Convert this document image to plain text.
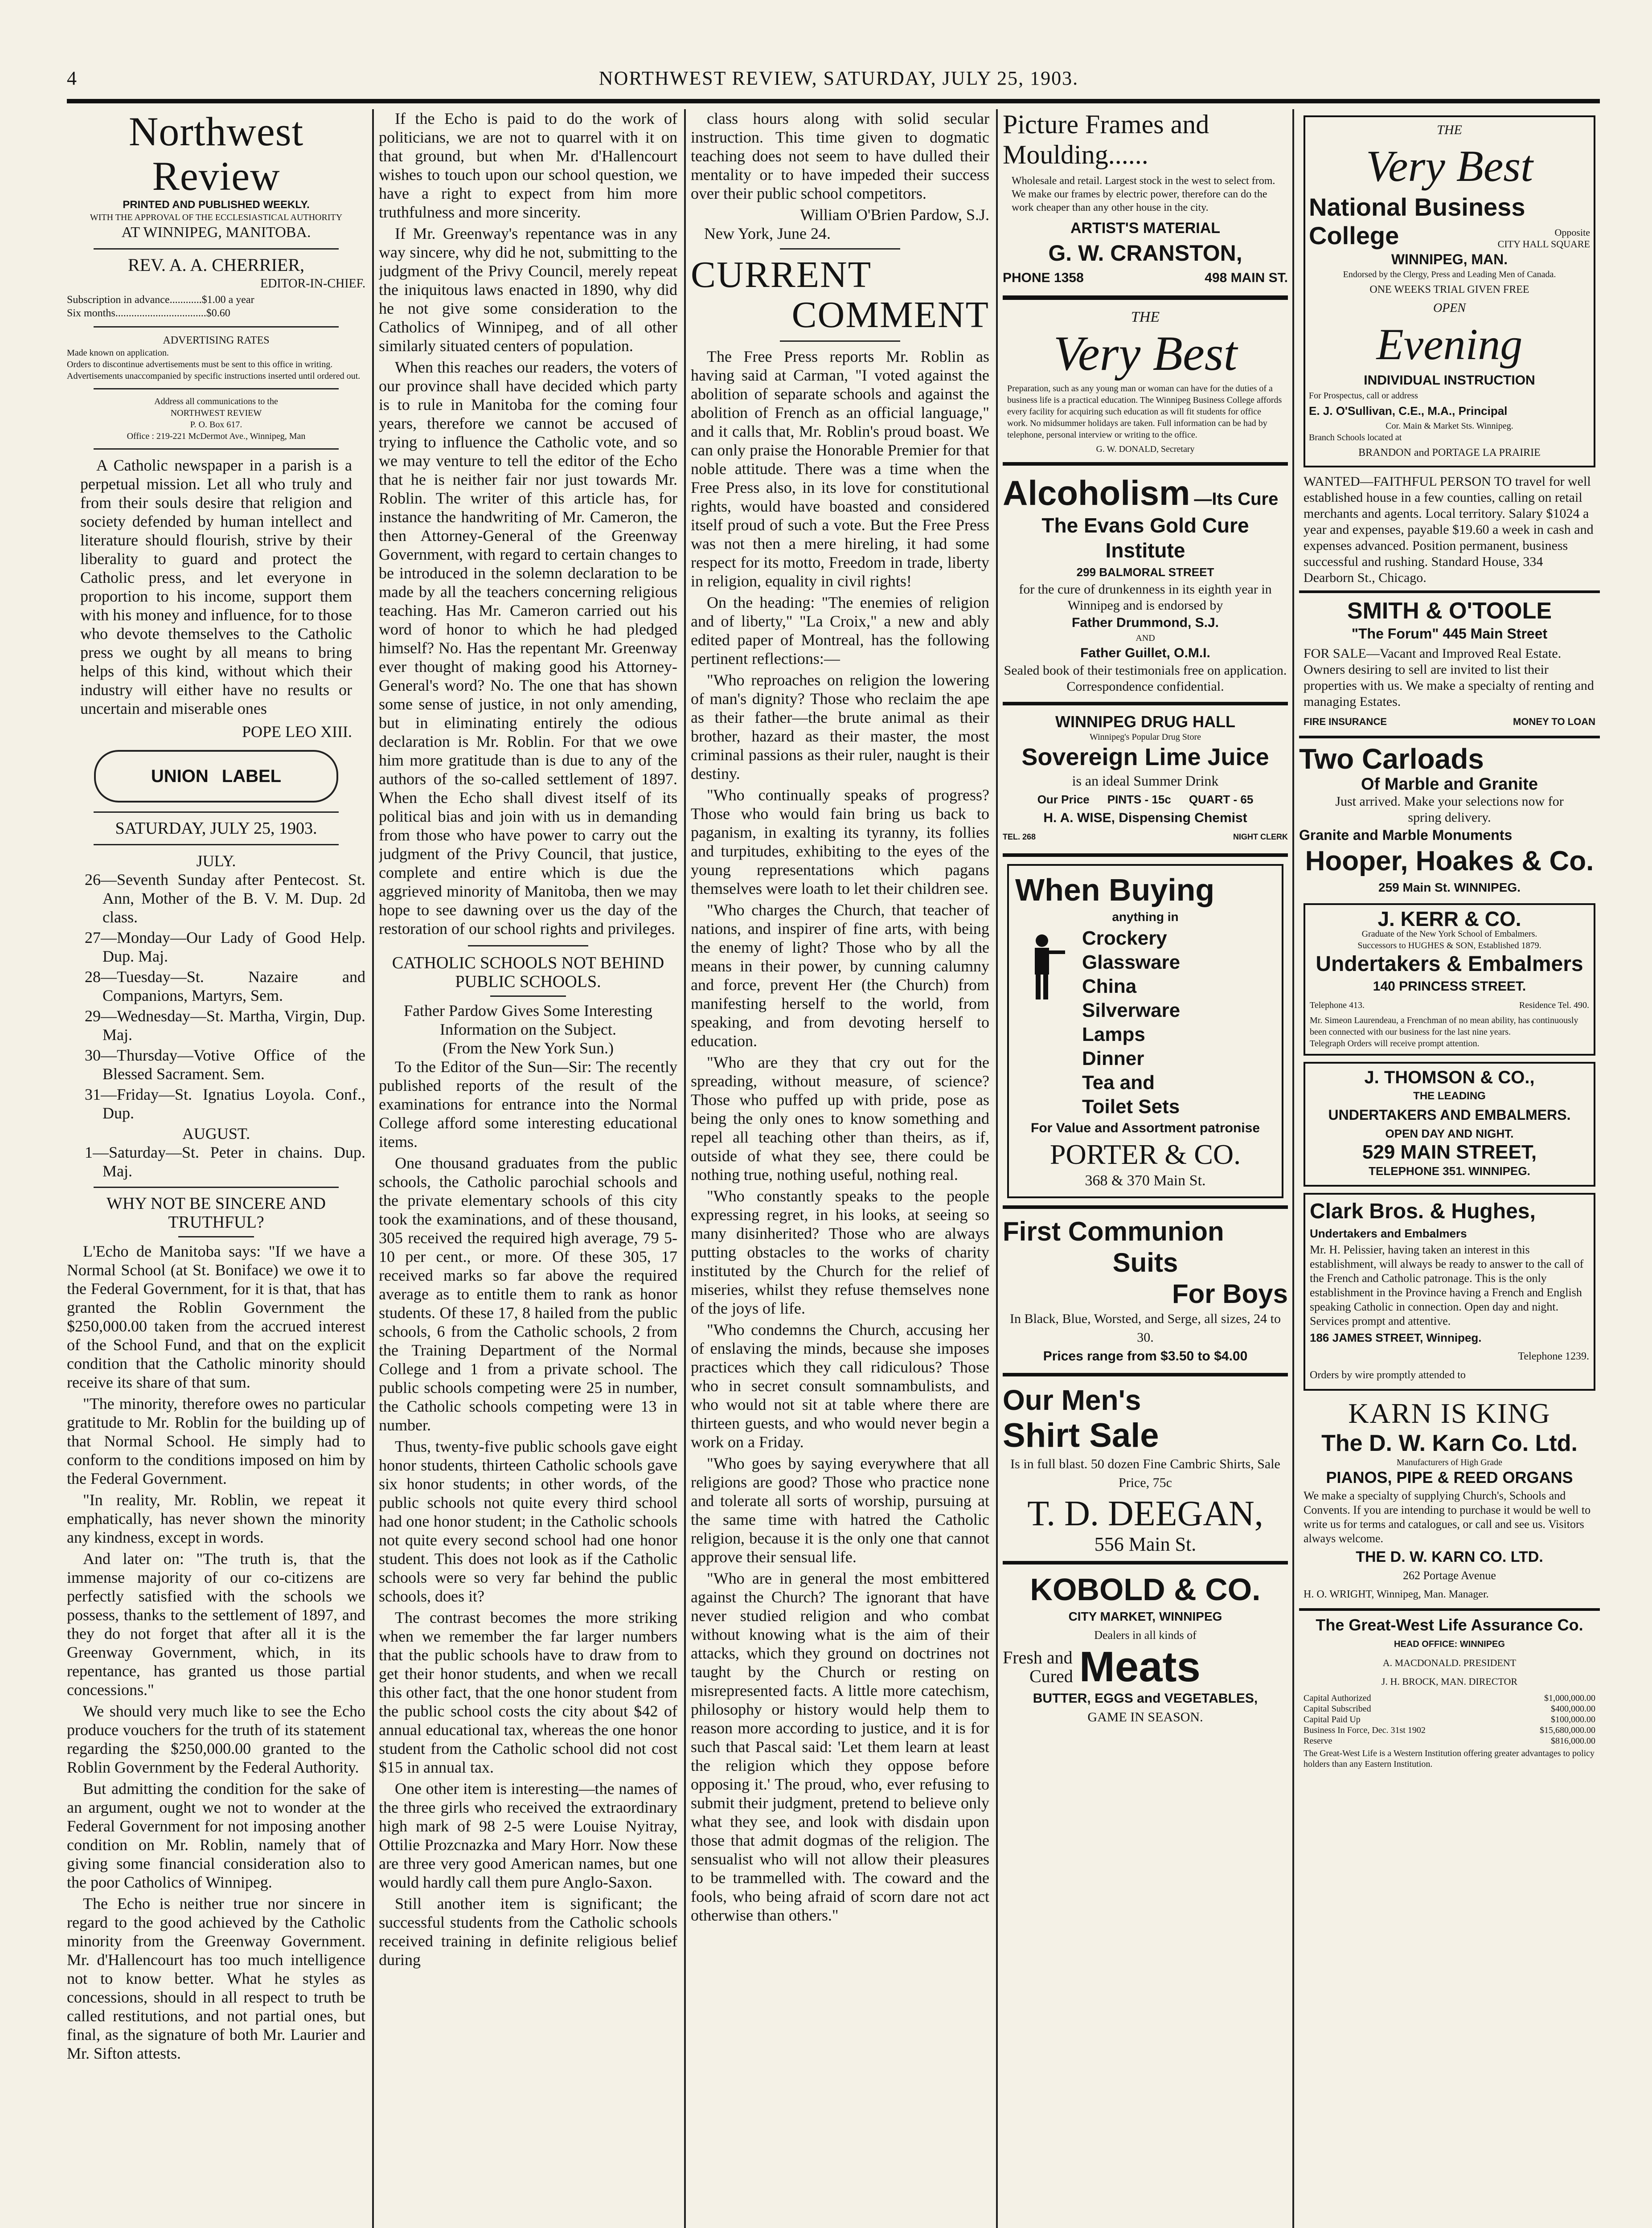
4	NORTHWEST REVIEW, SATURDAY, JULY 25, 1903.
Northwest Review
PRINTED AND PUBLISHED WEEKLY.
WITH THE APPROVAL OF THE ECCLESIASTICAL AUTHORITY
AT WINNIPEG, MANITOBA.
REV. A. A. CHERRIER,
EDITOR-IN-CHIEF.
Subscription in advance............$1.00 a year
Six months..................................$0.60
ADVERTISING RATES
Made known on application.
Orders to discontinue advertisements must be sent to this office in writing.
Advertisements unaccompanied by specific instructions inserted until ordered out.
Address all communications to the
NORTHWEST REVIEW
P. O. Box 617.
Office : 219-221 McDermot Ave., Winnipeg, Man

A Catholic newspaper in a parish is a perpetual mission. Let all who truly and from their souls desire that religion and society defended by human intellect and literature should flourish, strive by their liberality to guard and protect the Catholic press, and let everyone in proportion to his income, support them with his money and influence, for to those who devote themselves to the Catholic press we ought by all means to bring helps of this kind, without which their industry will either have no results or uncertain and miserable ones

POPE LEO XIII.
UNION LABEL
SATURDAY, JULY 25, 1903.
JULY.
26—Seventh Sunday after Pentecost. St. Ann, Mother of the B. V. M. Dup. 2d class.
27—Monday—Our Lady of Good Help. Dup. Maj.
28—Tuesday—St. Nazaire and Companions, Martyrs, Sem.
29—Wednesday—St. Martha, Virgin, Dup. Maj.
30—Thursday—Votive Office of the Blessed Sacrament. Sem.
31—Friday—St. Ignatius Loyola. Conf., Dup.
AUGUST.
1—Saturday—St. Peter in chains. Dup. Maj.
WHY NOT BE SINCERE AND TRUTHFUL?

L'Echo de Manitoba says: "If we have a Normal School (at St. Boniface) we owe it to the Federal Government, for it is that, that has granted the Roblin Government the $250,000.00 taken from the accrued interest of the School Fund, and that on the explicit condition that the Catholic minority should receive its share of that sum.

"The minority, therefore owes no particular gratitude to Mr. Roblin for the building up of that Normal School. He simply had to conform to the conditions imposed on him by the Federal Government.

"In reality, Mr. Roblin, we repeat it emphatically, has never shown the minority any kindness, except in words.

And later on: "The truth is, that the immense majority of our co-citizens are perfectly satisfied with the schools we possess, thanks to the settlement of 1897, and they do not forget that after all it is the Greenway Government, which, in its repentance, has granted us those partial concessions."

We should very much like to see the Echo produce vouchers for the truth of its statement regarding the $250,000.00 granted to the Roblin Government by the Federal Authority.

But admitting the condition for the sake of an argument, ought we not to wonder at the Federal Government for not imposing another condition on Mr. Roblin, namely that of giving some financial consideration also to the poor Catholics of Winnipeg.

The Echo is neither true nor sincere in regard to the good achieved by the Catholic minority from the Greenway Government. Mr. d'Hallencourt has too much intelligence not to know better. What he styles as concessions, should in all respect to truth be called restitutions, and not partial ones, but final, as the signature of both Mr. Laurier and Mr. Sifton attests.

If the Echo is paid to do the work of politicians, we are not to quarrel with it on that ground, but when Mr. d'Hallencourt wishes to touch upon our school question, we have a right to expect from him more truthfulness and more sincerity.

If Mr. Greenway's repentance was in any way sincere, why did he not, submitting to the judgment of the Privy Council, merely repeat the iniquitous laws enacted in 1890, why did he not give some consideration to the Catholics of Winnipeg, and of all other similarly situated centers of population.

When this reaches our readers, the voters of our province shall have decided which party is to rule in Manitoba for the coming four years, therefore we cannot be accused of trying to influence the Catholic vote, and so we may venture to tell the editor of the Echo that he is neither fair nor just towards Mr. Roblin. The writer of this article has, for instance the handwriting of Mr. Cameron, the then Attorney-General of the Greenway Government, with regard to certain changes to be introduced in the solemn declaration to be made by all the teachers concerning religious teaching. Has Mr. Cameron carried out his word of honor to which he had pledged himself? No. Has the repentant Mr. Greenway ever thought of making good his Attorney-General's word? No. The one that has shown some sense of justice, in not only amending, but in eliminating entirely the odious declaration is Mr. Roblin. For that we owe him more gratitude than is due to any of the authors of the so-called settlement of 1897. When the Echo shall divest itself of its political bias and join with us in demanding from those who have power to carry out the judgment of the Privy Council, that justice, complete and entire which is due the aggrieved minority of Manitoba, then we may hope to see dawning over us the day of the restoration of our school rights and privileges.

CATHOLIC SCHOOLS NOT BEHIND PUBLIC SCHOOLS.
Father Pardow Gives Some Interesting Information on the Subject.
(From the New York Sun.)

To the Editor of the Sun—Sir: The recently published reports of the result of the examinations for entrance into the Normal College afford some interesting educational items.

One thousand graduates from the public schools, the Catholic parochial schools and the private elementary schools of this city took the examinations, and of these thousand, 305 received the required high average, 79 5-10 per cent., or more. Of these 305, 17 received marks so far above the required average as to entitle them to rank as honor students. Of these 17, 8 hailed from the public schools, 6 from the Catholic schools, 2 from the Training Department of the Normal College and 1 from a private school. The public schools competing were 25 in number, the Catholic schools competing were 13 in number.

Thus, twenty-five public schools gave eight honor students, thirteen Catholic schools gave six honor students; in other words, of the public schools not quite every third school had one honor student; in the Catholic schools not quite every second school had one honor student. This does not look as if the Catholic schools were so very far behind the public schools, does it?

The contrast becomes the more striking when we remember the far larger numbers that the public schools have to draw from to get their honor students, and when we recall this other fact, that the one honor student from the public school costs the city about $42 of annual educational tax, whereas the one honor student from the Catholic school did not cost $15 in annual tax.

One other item is interesting—the names of the three girls who received the extraordinary high mark of 98 2-5 were Louise Nyitray, Ottilie Prozcnazka and Mary Horr. Now these are three very good American names, but one would hardly call them pure Anglo-Saxon.

Still another item is significant; the successful students from the Catholic schools received training in definite religious belief during

class hours along with solid secular instruction. This time given to dogmatic teaching does not seem to have dulled their mentality or to have impeded their success over their public school competitors.

William O'Brien Pardow, S.J.
New York, June 24.
CURRENT
COMMENT

The Free Press reports Mr. Roblin as having said at Carman, "I voted against the abolition of separate schools and against the abolition of French as an official language," and it calls that, Mr. Roblin's proud boast. We can only praise the Honorable Premier for that noble attitude. There was a time when the Free Press also, in its love for constitutional rights, would have boasted and considered itself proud of such a vote. But the Free Press was not then a mere hireling, it had some respect for its motto, Freedom in trade, liberty in religion, equality in civil rights!

On the heading: "The enemies of religion and of liberty," "La Croix," a new and ably edited paper of Montreal, has the following pertinent reflections:—

"Who reproaches on religion the lowering of man's dignity? Those who reclaim the ape as their father—the brute animal as their brother, hazard as their master, the most criminal passions as their ruler, naught is their destiny.

"Who continually speaks of progress? Those who would fain bring us back to paganism, in exalting its tyranny, its follies and turpitudes, exhibiting to the eyes of the young representations which pagans themselves were loath to let their children see.

"Who charges the Church, that teacher of nations, and inspirer of fine arts, with being the enemy of light? Those who by all the means in their power, by cunning calumny and force, prevent Her (the Church) from manifesting herself to the world, from speaking, and from devoting herself to education.

"Who are they that cry out for the spreading, without measure, of science? Those who puffed up with pride, pose as being the only ones to know something and repel all teaching other than theirs, as if, outside of what they see, there could be nothing true, nothing useful, nothing real.

"Who constantly speaks to the people expressing regret, in his looks, at seeing so many disinherited? Those who are always putting obstacles to the works of charity instituted by the Church for the relief of miseries, whilst they refuse themselves none of the joys of life.

"Who condemns the Church, accusing her of enslaving the minds, because she imposes practices which they call ridiculous? Those who in secret consult somnambulists, and who would not sit at table where there are thirteen guests, and who would never begin a work on a Friday.

"Who goes by saying everywhere that all religions are good? Those who practice none and tolerate all sorts of worship, pursuing at the same time with hatred the Catholic religion, because it is the only one that cannot approve their sensual life.

"Who are in general the most embittered against the Church? The ignorant that have never studied religion and who combat without knowing what is the aim of their attacks, which they ground on doctrines not taught by the Church or resting on misrepresented facts. A little more catechism, philosophy or history would help them to reason more according to justice, and it is for such that Pascal said: 'Let them learn at least the religion which they oppose before opposing it.' The proud, who, ever refusing to submit their judgment, pretend to believe only what they see, and look with disdain upon those that admit dogmas of the religion. The sensualist who will not allow their pleasures to be trammelled with. The coward and the fools, who being afraid of scorn dare not act otherwise than others."

Picture Frames and Moulding......
Wholesale and retail. Largest stock in the west to select from. We make our frames by electric power, therefore can do the work cheaper than any other house in the city.
ARTIST'S MATERIAL
G. W. CRANSTON,
PHONE 1358	498 MAIN ST.
THE
Very Best
Preparation, such as any young man or woman can have for the duties of a business life is a practical education. The Winnipeg Business College affords every facility for acquiring such education as will fit students for office work. No midsummer holidays are taken. Full information can be had by telephone, personal interview or writing to the office.
G. W. DONALD, Secretary
Alcoholism —Its Cure
The Evans Gold Cure Institute
299 BALMORAL STREET
for the cure of drunkenness in its eighth year in Winnipeg and is endorsed by
Father Drummond, S.J.
AND
Father Guillet, O.M.I.
Sealed book of their testimonials free on application. Correspondence confidential.
WINNIPEG DRUG HALL
Winnipeg's Popular Drug Store
Sovereign Lime Juice
is an ideal Summer Drink
Our Price PINTS - 15c QUART - 65
H. A. WISE, Dispensing Chemist
TEL. 268	NIGHT CLERK
When Buying
anything in
Crockery
Glassware
China
Silverware
Lamps
Dinner
Tea and
Toilet Sets
For Value and Assortment patronise
PORTER & CO.
368 & 370 Main St.
First Communion
Suits
For Boys
In Black, Blue, Worsted, and Serge, all sizes, 24 to 30.
Prices range from $3.50 to $4.00
Our Men's
Shirt Sale
Is in full blast. 50 dozen Fine Cambric Shirts, Sale Price, 75c
T. D. DEEGAN,
556 Main St.
KOBOLD & CO.
CITY MARKET, WINNIPEG
Dealers in all kinds of
Fresh and
Cured Meats
BUTTER, EGGS and VEGETABLES,
GAME IN SEASON.
THE
Very Best
National Business
College	Opposite
CITY HALL SQUARE
WINNIPEG, MAN.
Endorsed by the Clergy, Press and Leading Men of Canada.
ONE WEEKS TRIAL GIVEN FREE
OPEN
Evening
INDIVIDUAL INSTRUCTION
For Prospectus, call or address
E. J. O'Sullivan, C.E., M.A., Principal
Cor. Main & Market Sts. Winnipeg.
Branch Schools located at
BRANDON and PORTAGE LA PRAIRIE
WANTED—FAITHFUL PERSON TO travel for well established house in a few counties, calling on retail merchants and agents. Local territory. Salary $1024 a year and expenses, payable $19.60 a week in cash and expenses advanced. Position permanent, business successful and rushing. Standard House, 334 Dearborn St., Chicago.
SMITH & O'TOOLE
"The Forum" 445 Main Street
FOR SALE—Vacant and Improved Real Estate. Owners desiring to sell are invited to list their properties with us. We make a specialty of renting and managing Estates.
FIRE INSURANCE	MONEY TO LOAN
Two Carloads
Of Marble and Granite
Just arrived. Make your selections now for spring delivery.
Granite and Marble Monuments
Hooper, Hoakes & Co.
259 Main St. WINNIPEG.
J. KERR & CO.
Graduate of the New York School of Embalmers.
Successors to HUGHES & SON, Established 1879.
Undertakers & Embalmers
140 PRINCESS STREET.
Telephone 413.	Residence Tel. 490.
Mr. Simeon Laurendeau, a Frenchman of no mean ability, has continuously been connected with our business for the last nine years.
Telegraph Orders will receive prompt attention.
J. THOMSON & CO.,
THE LEADING
UNDERTAKERS AND EMBALMERS.
OPEN DAY AND NIGHT.
529 MAIN STREET,
TELEPHONE 351. WINNIPEG.
Clark Bros. & Hughes,
Undertakers and Embalmers
Mr. H. Pelissier, having taken an interest in this establishment, will always be ready to answer to the call of the French and Catholic patronage. This is the only establishment in the Province having a French and English speaking Catholic in connection. Open day and night. Services prompt and attentive.
186 JAMES STREET, Winnipeg.
Telephone 1239.
Orders by wire promptly attended to
KARN IS KING
The D. W. Karn Co. Ltd.
Manufacturers of High Grade
PIANOS, PIPE & REED ORGANS
We make a specialty of supplying Church's, Schools and Convents. If you are intending to purchase it would be well to write us for terms and catalogues, or call and see us. Visitors always welcome.
THE D. W. KARN CO. LTD.
262 Portage Avenue
H. O. WRIGHT, Winnipeg, Man. Manager.
The Great-West Life Assurance Co.
HEAD OFFICE: WINNIPEG
A. MACDONALD. PRESIDENT
J. H. BROCK, MAN. DIRECTOR
Capital Authorized	$1,000,000.00
Capital Subscribed	$400,000.00
Capital Paid Up	$100,000.00
Business In Force, Dec. 31st 1902	$15,680,000.00
Reserve	$816,000.00
The Great-West Life is a Western Institution offering greater advantages to policy holders than any Eastern Institution.
